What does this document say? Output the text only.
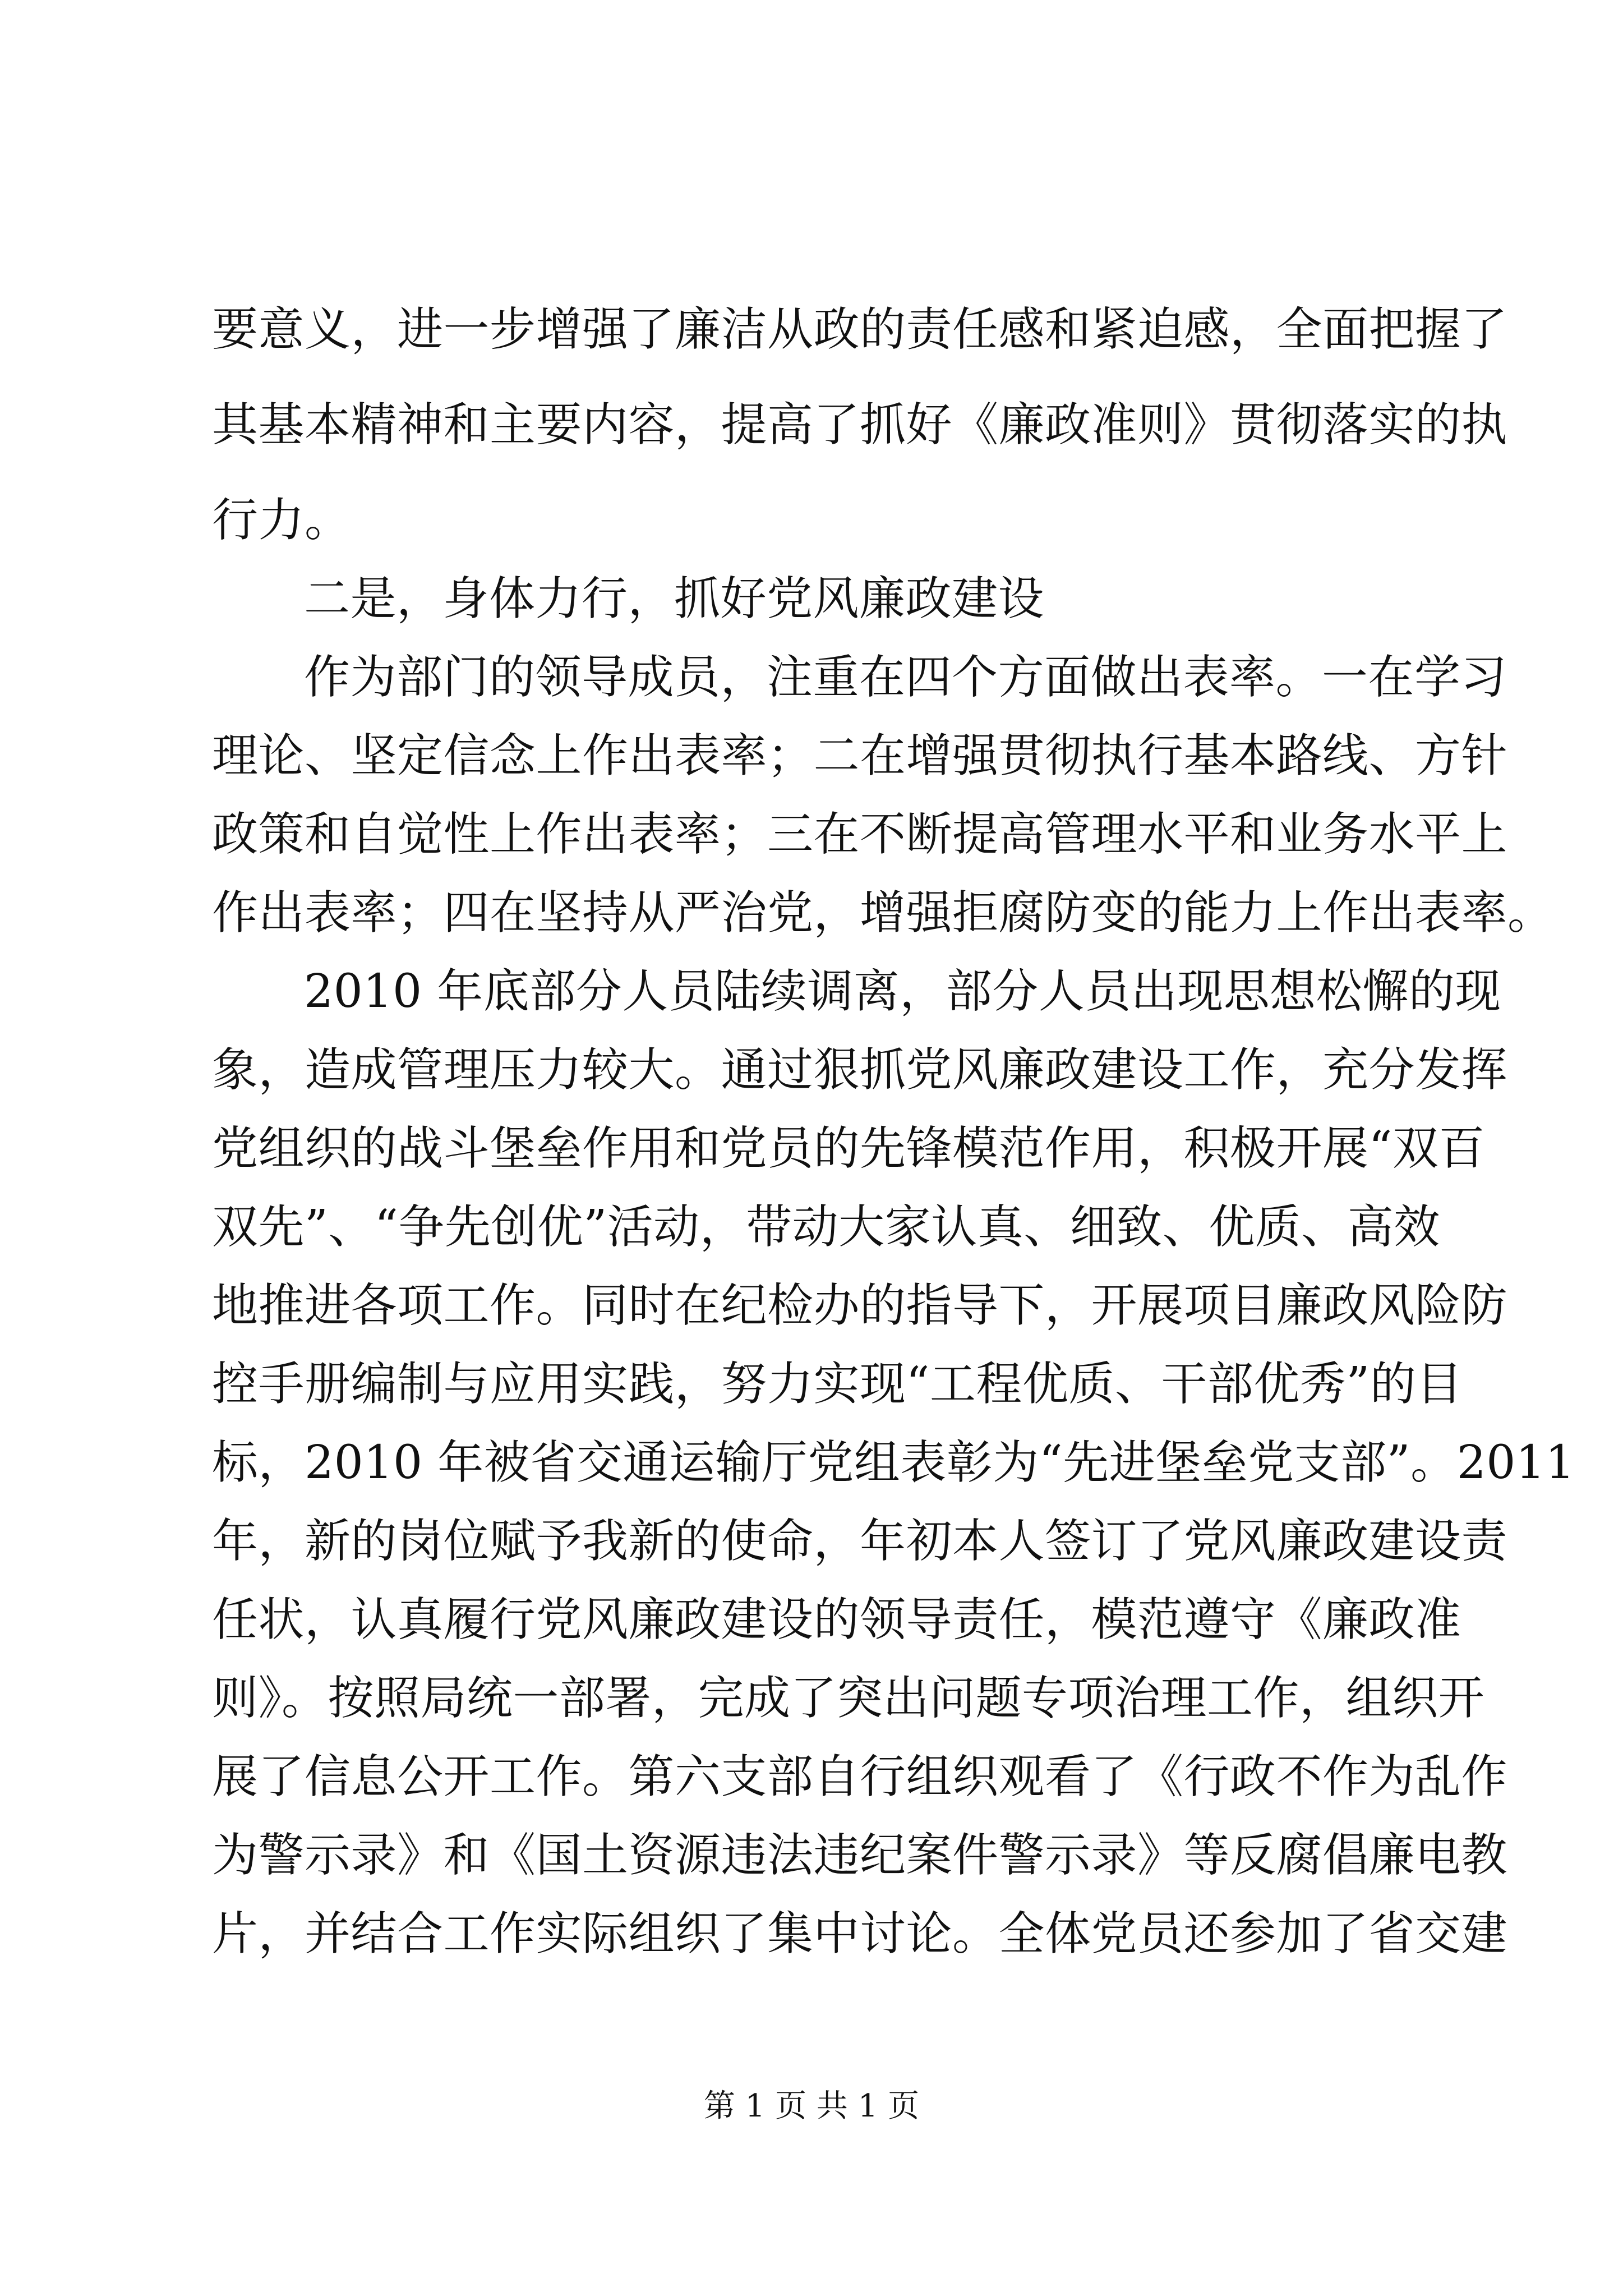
要意义，进一步增强了廉洁从政的责任感和紧迫感，全面把握了
其基本精神和主要内容，提高了抓好《廉政准则》贯彻落实的执
行力。
二是，身体力行，抓好党风廉政建设
作为部门的领导成员，注重在四个方面做出表率。一在学习
理论、坚定信念上作出表率；二在增强贯彻执行基本路线、方针
政策和自觉性上作出表率；三在不断提高管理水平和业务水平上
作出表率；四在坚持从严治党，增强拒腐防变的能力上作出表率。
2010 年底部分人员陆续调离，部分人员出现思想松懈的现
象，造成管理压力较大。通过狠抓党风廉政建设工作，充分发挥
党组织的战斗堡垒作用和党员的先锋模范作用，积极开展“双百
双先”、“争先创优”活动，带动大家认真、细致、优质、高效
地推进各项工作。同时在纪检办的指导下，开展项目廉政风险防
控手册编制与应用实践，努力实现“工程优质、干部优秀”的目
标，2010 年被省交通运输厅党组表彰为“先进堡垒党支部”。2011
年，新的岗位赋予我新的使命，年初本人签订了党风廉政建设责
任状，认真履行党风廉政建设的领导责任，模范遵守《廉政准
则》。按照局统一部署，完成了突出问题专项治理工作，组织开
展了信息公开工作。第六支部自行组织观看了《行政不作为乱作
为警示录》和《国土资源违法违纪案件警示录》等反腐倡廉电教
片，并结合工作实际组织了集中讨论。全体党员还参加了省交建
第 1 页 共 1 页
